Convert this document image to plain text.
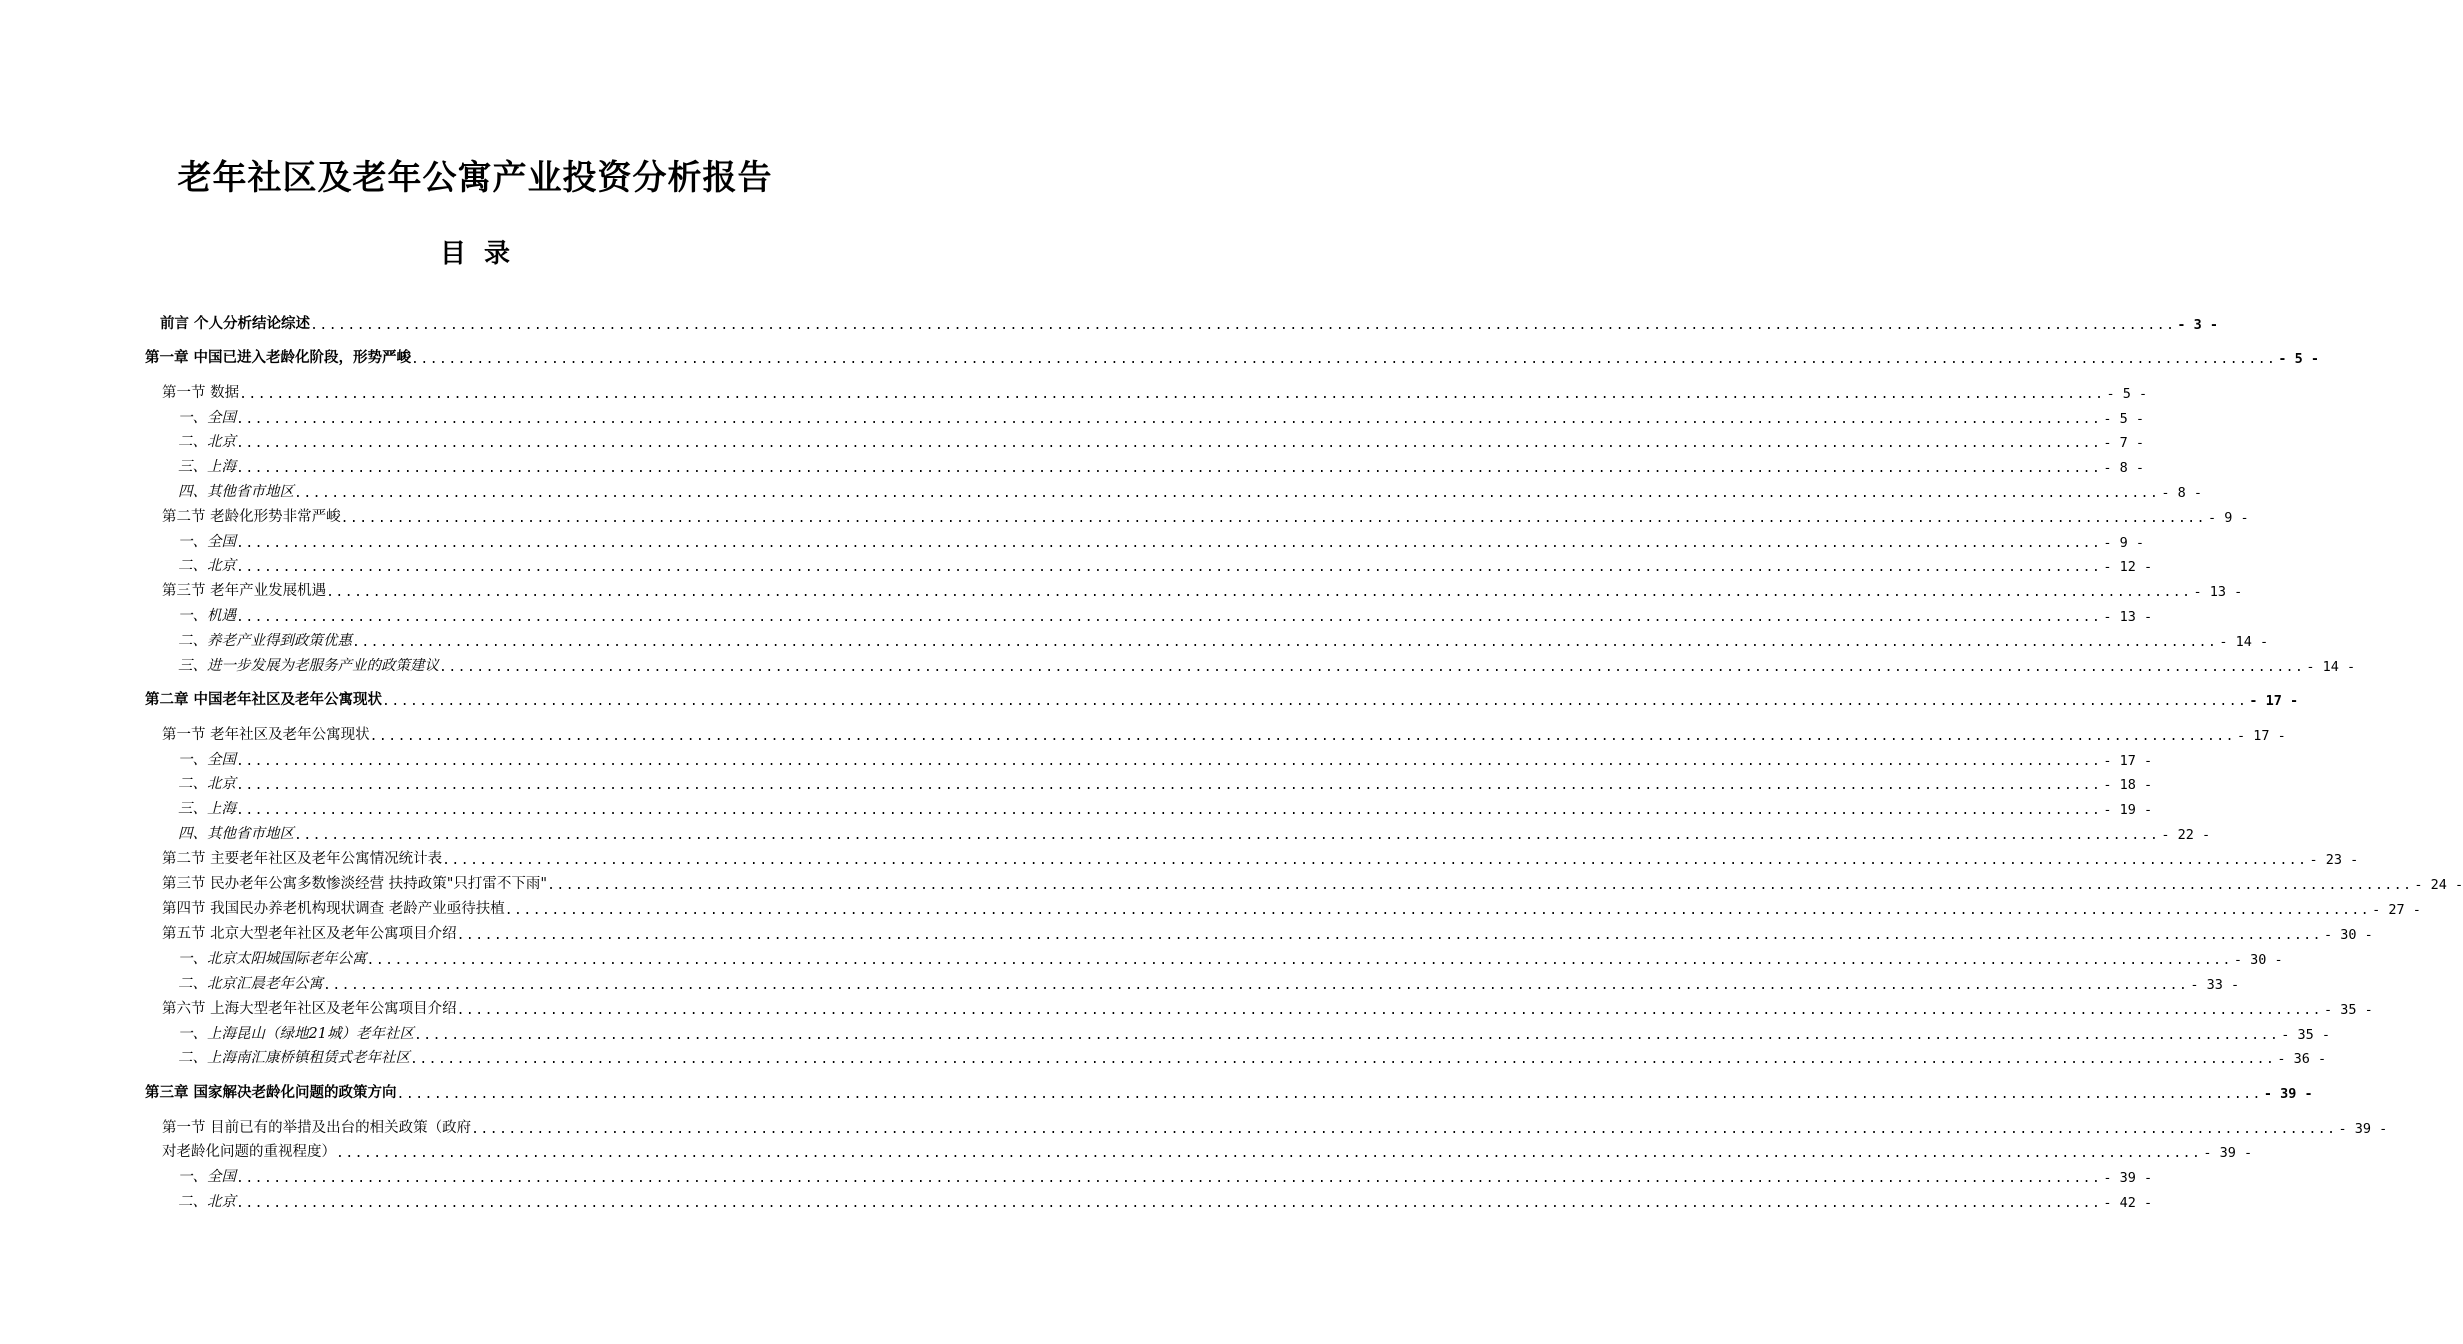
老年社区及老年公寓产业投资分析报告
目录
前言 个人分析结论综述 ........................................................................................................................................................................................................ - 3 -
第一章 中国已进入老龄化阶段，形势严峻 ........................................................................................................................................................................................................ - 5 -
第一节 数据 ........................................................................................................................................................................................................ - 5 -
一、全国 ........................................................................................................................................................................................................ - 5 -
二、北京 ........................................................................................................................................................................................................ - 7 -
三、上海 ........................................................................................................................................................................................................ - 8 -
四、其他省市地区 ........................................................................................................................................................................................................ - 8 -
第二节 老龄化形势非常严峻 ........................................................................................................................................................................................................ - 9 -
一、全国 ........................................................................................................................................................................................................ - 9 -
二、北京 ........................................................................................................................................................................................................ - 12 -
第三节 老年产业发展机遇 ........................................................................................................................................................................................................ - 13 -
一、机遇 ........................................................................................................................................................................................................ - 13 -
二、养老产业得到政策优惠 ........................................................................................................................................................................................................ - 14 -
三、进一步发展为老服务产业的政策建议 ........................................................................................................................................................................................................ - 14 -
第二章 中国老年社区及老年公寓现状 ........................................................................................................................................................................................................ - 17 -
第一节 老年社区及老年公寓现状 ........................................................................................................................................................................................................ - 17 -
一、全国 ........................................................................................................................................................................................................ - 17 -
二、北京 ........................................................................................................................................................................................................ - 18 -
三、上海 ........................................................................................................................................................................................................ - 19 -
四、其他省市地区 ........................................................................................................................................................................................................ - 22 -
第二节 主要老年社区及老年公寓情况统计表 ........................................................................................................................................................................................................ - 23 -
第三节 民办老年公寓多数惨淡经营 扶持政策"只打雷不下雨" ........................................................................................................................................................................................................ - 24 -
第四节 我国民办养老机构现状调查 老龄产业亟待扶植 ........................................................................................................................................................................................................ - 27 -
第五节 北京大型老年社区及老年公寓项目介绍 ........................................................................................................................................................................................................ - 30 -
一、北京太阳城国际老年公寓 ........................................................................................................................................................................................................ - 30 -
二、北京汇晨老年公寓 ........................................................................................................................................................................................................ - 33 -
第六节 上海大型老年社区及老年公寓项目介绍 ........................................................................................................................................................................................................ - 35 -
一、上海昆山（绿地21城）老年社区 ........................................................................................................................................................................................................ - 35 -
二、上海南汇康桥镇租赁式老年社区 ........................................................................................................................................................................................................ - 36 -
第三章 国家解决老龄化问题的政策方向 ........................................................................................................................................................................................................ - 39 -
第一节 目前已有的举措及出台的相关政策（政府 ........................................................................................................................................................................................................ - 39 -
对老龄化问题的重视程度） ........................................................................................................................................................................................................ - 39 -
一、全国 ........................................................................................................................................................................................................ - 39 -
二、北京 ........................................................................................................................................................................................................ - 42 -
